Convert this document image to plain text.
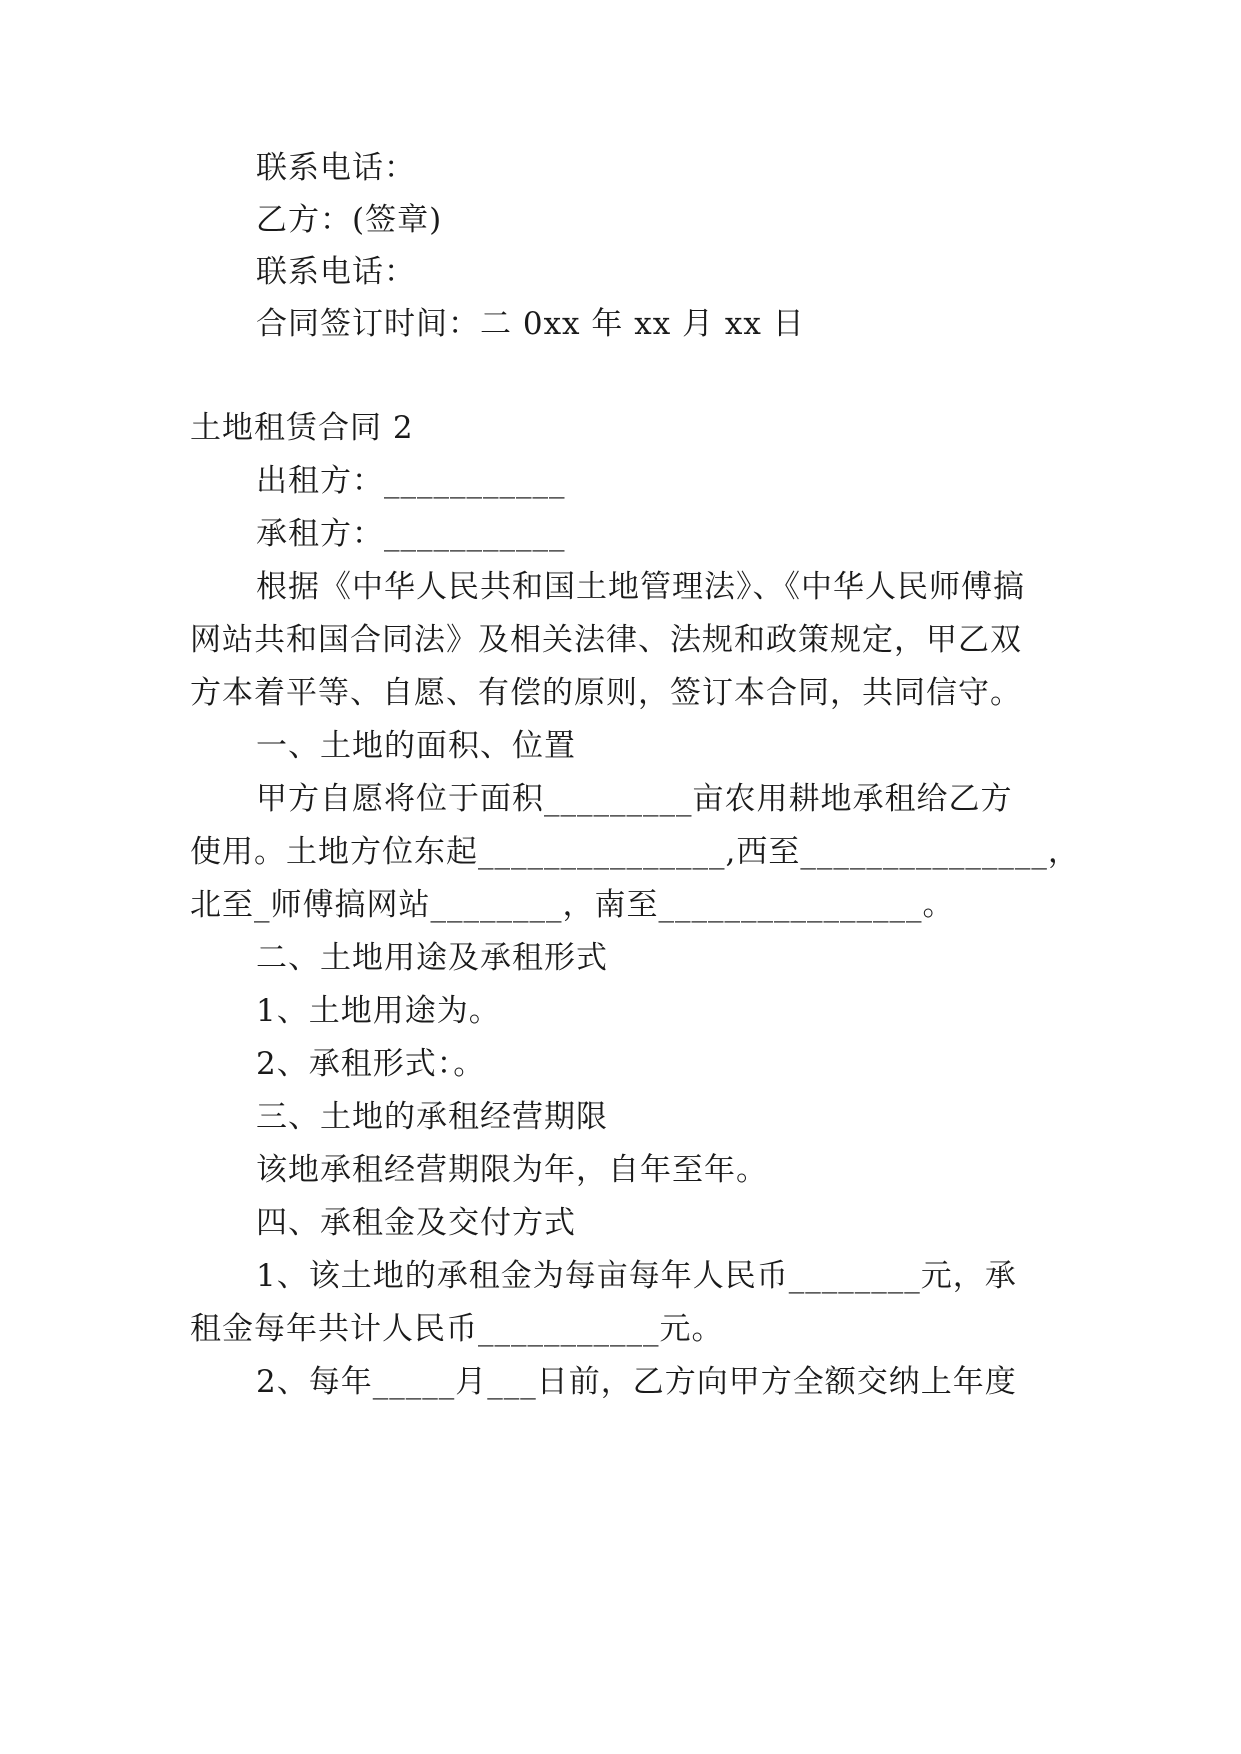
联系电话：
乙方：(签章)
联系电话：
合同签订时间：二 0xx 年 xx 月 xx 日
土地租赁合同 2
出租方：___________
承租方：___________
根据《中华人民共和国土地管理法》、《中华人民师傅搞
网站共和国合同法》及相关法律、法规和政策规定，甲乙双
方本着平等、自愿、有偿的原则，签订本合同，共同信守。
一、土地的面积、位置
甲方自愿将位于面积_________亩农用耕地承租给乙方
使用。土地方位东起_______________,西至_______________，
北至_师傅搞网站________，南至________________。
二、土地用途及承租形式
1、土地用途为。
2、承租形式：。
三、土地的承租经营期限
该地承租经营期限为年，自年至年。
四、承租金及交付方式
1、该土地的承租金为每亩每年人民币________元，承
租金每年共计人民币___________元。
2、每年_____月___日前，乙方向甲方全额交纳上年度
